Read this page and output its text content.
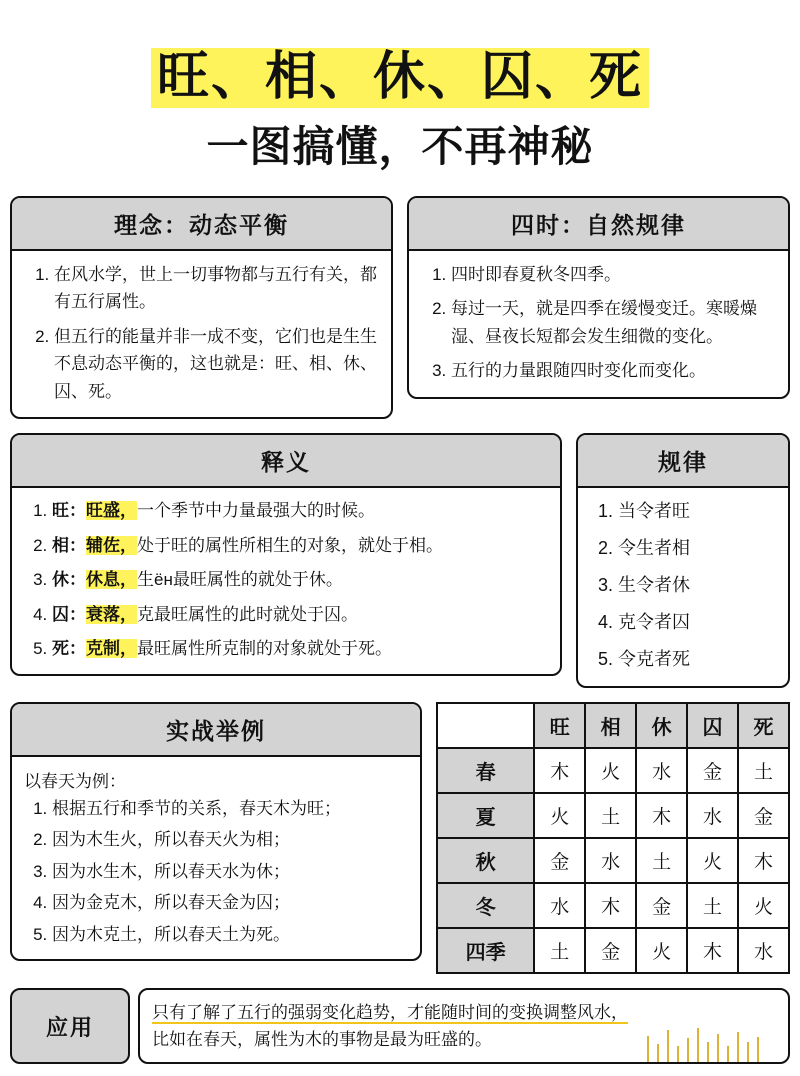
旺、相、休、囚、死
一图搞懂，不再神秘
理念：动态平衡
1. 在风水学，世上一切事物都与五行有关，都有五行属性。
2. 但五行的能量并非一成不变，它们也是生生不息动态平衡的，这也就是：旺、相、休、囚、死。
四时：自然规律
1. 四时即春夏秋冬四季。
2. 每过一天，就是四季在缓慢变迁。寒暖燥湿、昼夜长短都会发生细微的变化。
3. 五行的力量跟随四时变化而变化。
释义
1. 旺：旺盛，一个季节中力量最强大的时候。
2. 相：辅佐，处于旺的属性所相生的对象，就处于相。
3. 休：休息，生ён最旺属性的就处于休。
4. 囚：衰落，克最旺属性的此时就处于囚。
5. 死：克制，最旺属性所克制的对象就处于死。
规律
1. 当令者旺
2. 令生者相
3. 生令者休
4. 克令者囚
5. 令克者死
实战举例

以春天为例：

1. 根据五行和季节的关系，春天木为旺；
2. 因为木生火，所以春天火为相；
3. 因为水生木，所以春天水为休；
4. 因为金克木，所以春天金为囚；
5. 因为木克土，所以春天土为死。
	旺	相	休	囚	死
春	木	火	水	金	土
夏	火	土	木	水	金
秋	金	水	土	火	木
冬	水	木	金	土	火
四季	土	金	火	木	水
应用
只有了解了五行的强弱变化趋势，才能随时间的变换调整风水，
比如在春天，属性为木的事物是最为旺盛的。
